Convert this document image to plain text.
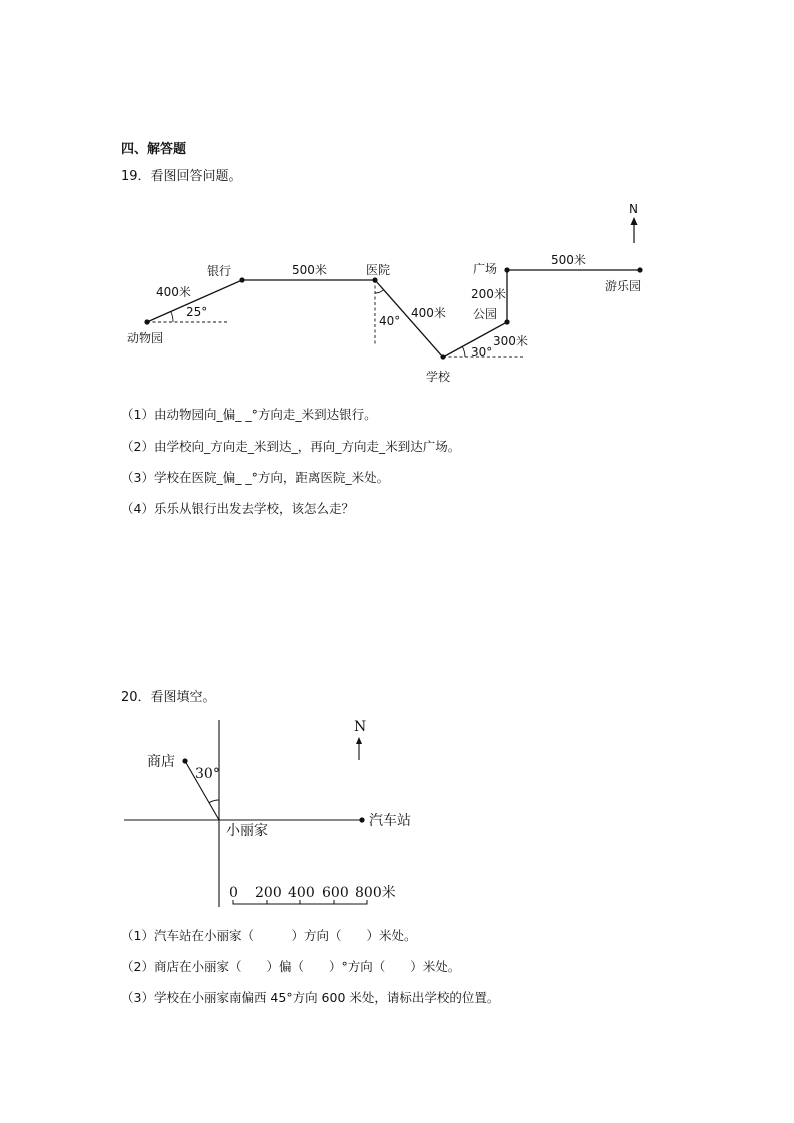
四、解答题
19．看图回答问题。
N
动物园
银行	医院
学校
公园
广场
游乐园
400米
500米
400米
300米
200米
500米
25°
40°
30°
（1）由动物园向_偏_ _°方向走_米到达银行。
（2）由学校向_方向走_米到达_，再向_方向走_米到达广场。
（3）学校在医院_偏_ _°方向，距离医院_米处。
（4）乐乐从银行出发去学校，该怎么走？
20．看图填空。
N
商店
30°
小丽家
汽车站
0 200 400 600 800米
（1）汽车站在小丽家（　　　）方向（　　）米处。
（2）商店在小丽家（　　）偏（　　）°方向（　　）米处。
（3）学校在小丽家南偏西 45°方向 600 米处，请标出学校的位置。
